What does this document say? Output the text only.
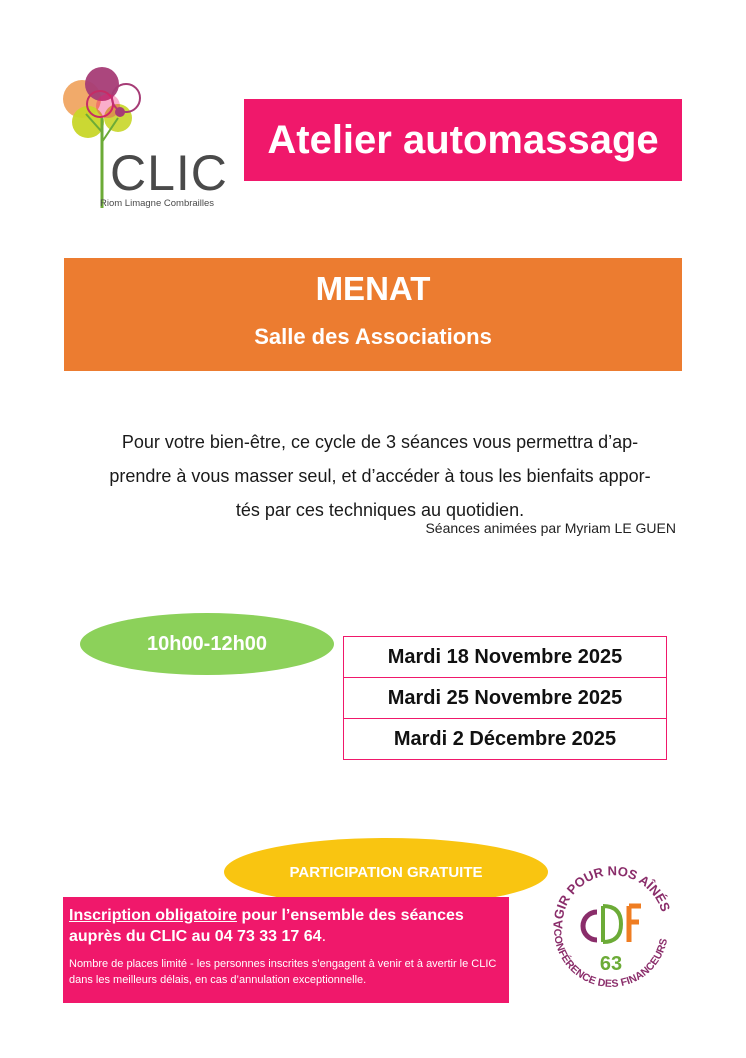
CLIC
Riom Limagne Combrailles
Atelier automassage
MENAT
Salle des Associations
Pour votre bien-être, ce cycle de 3 séances vous permettra d’ap-
prendre à vous masser seul, et d’accéder à tous les bienfaits appor-
tés par ces techniques au quotidien.
Séances animées par Myriam LE GUEN
10h00-12h00
Mardi 18 Novembre 2025
Mardi 25 Novembre 2025
Mardi 2 Décembre 2025
AGIR POUR NOS AÎNÉS
CONFÉRENCE DES FINANCEURS
63
PARTICIPATION GRATUITE
Inscription obligatoire pour l’ensemble des séances
auprès du CLIC au 04 73 33 17 64.
Nombre de places limité - les personnes inscrites s’engagent à venir et à avertir le CLIC dans les meilleurs délais, en cas d’annulation exceptionnelle.
